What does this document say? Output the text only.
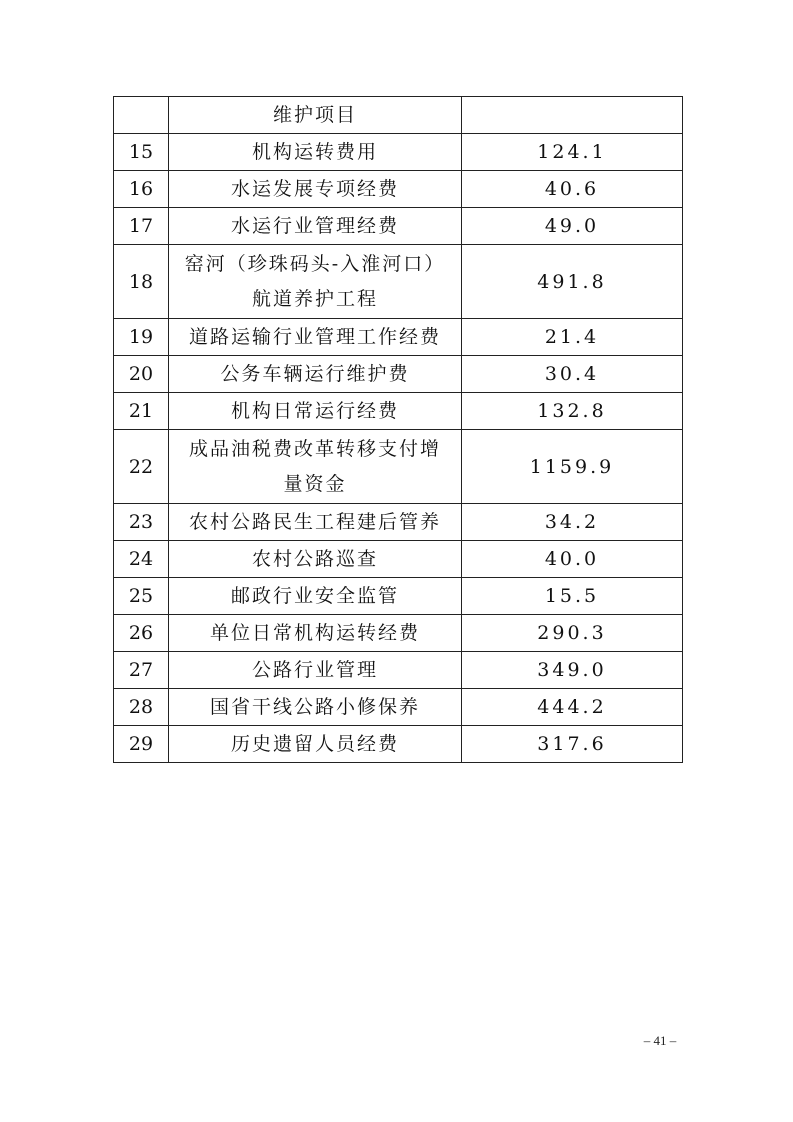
	维护项目	

15	机构运转费用	124.1
16	水运发展专项经费	40.6
17	水运行业管理经费	49.0
18	窑河（珍珠码头-入淮河口）
航道养护工程	491.8
19	道路运输行业管理工作经费	21.4
20	公务车辆运行维护费	30.4
21	机构日常运行经费	132.8
22	成品油税费改革转移支付增
量资金	1159.9
23	农村公路民生工程建后管养	34.2
24	农村公路巡查	40.0
25	邮政行业安全监管	15.5
26	单位日常机构运转经费	290.3
27	公路行业管理	349.0
28	国省干线公路小修保养	444.2
29	历史遗留人员经费	317.6
– 41 –
